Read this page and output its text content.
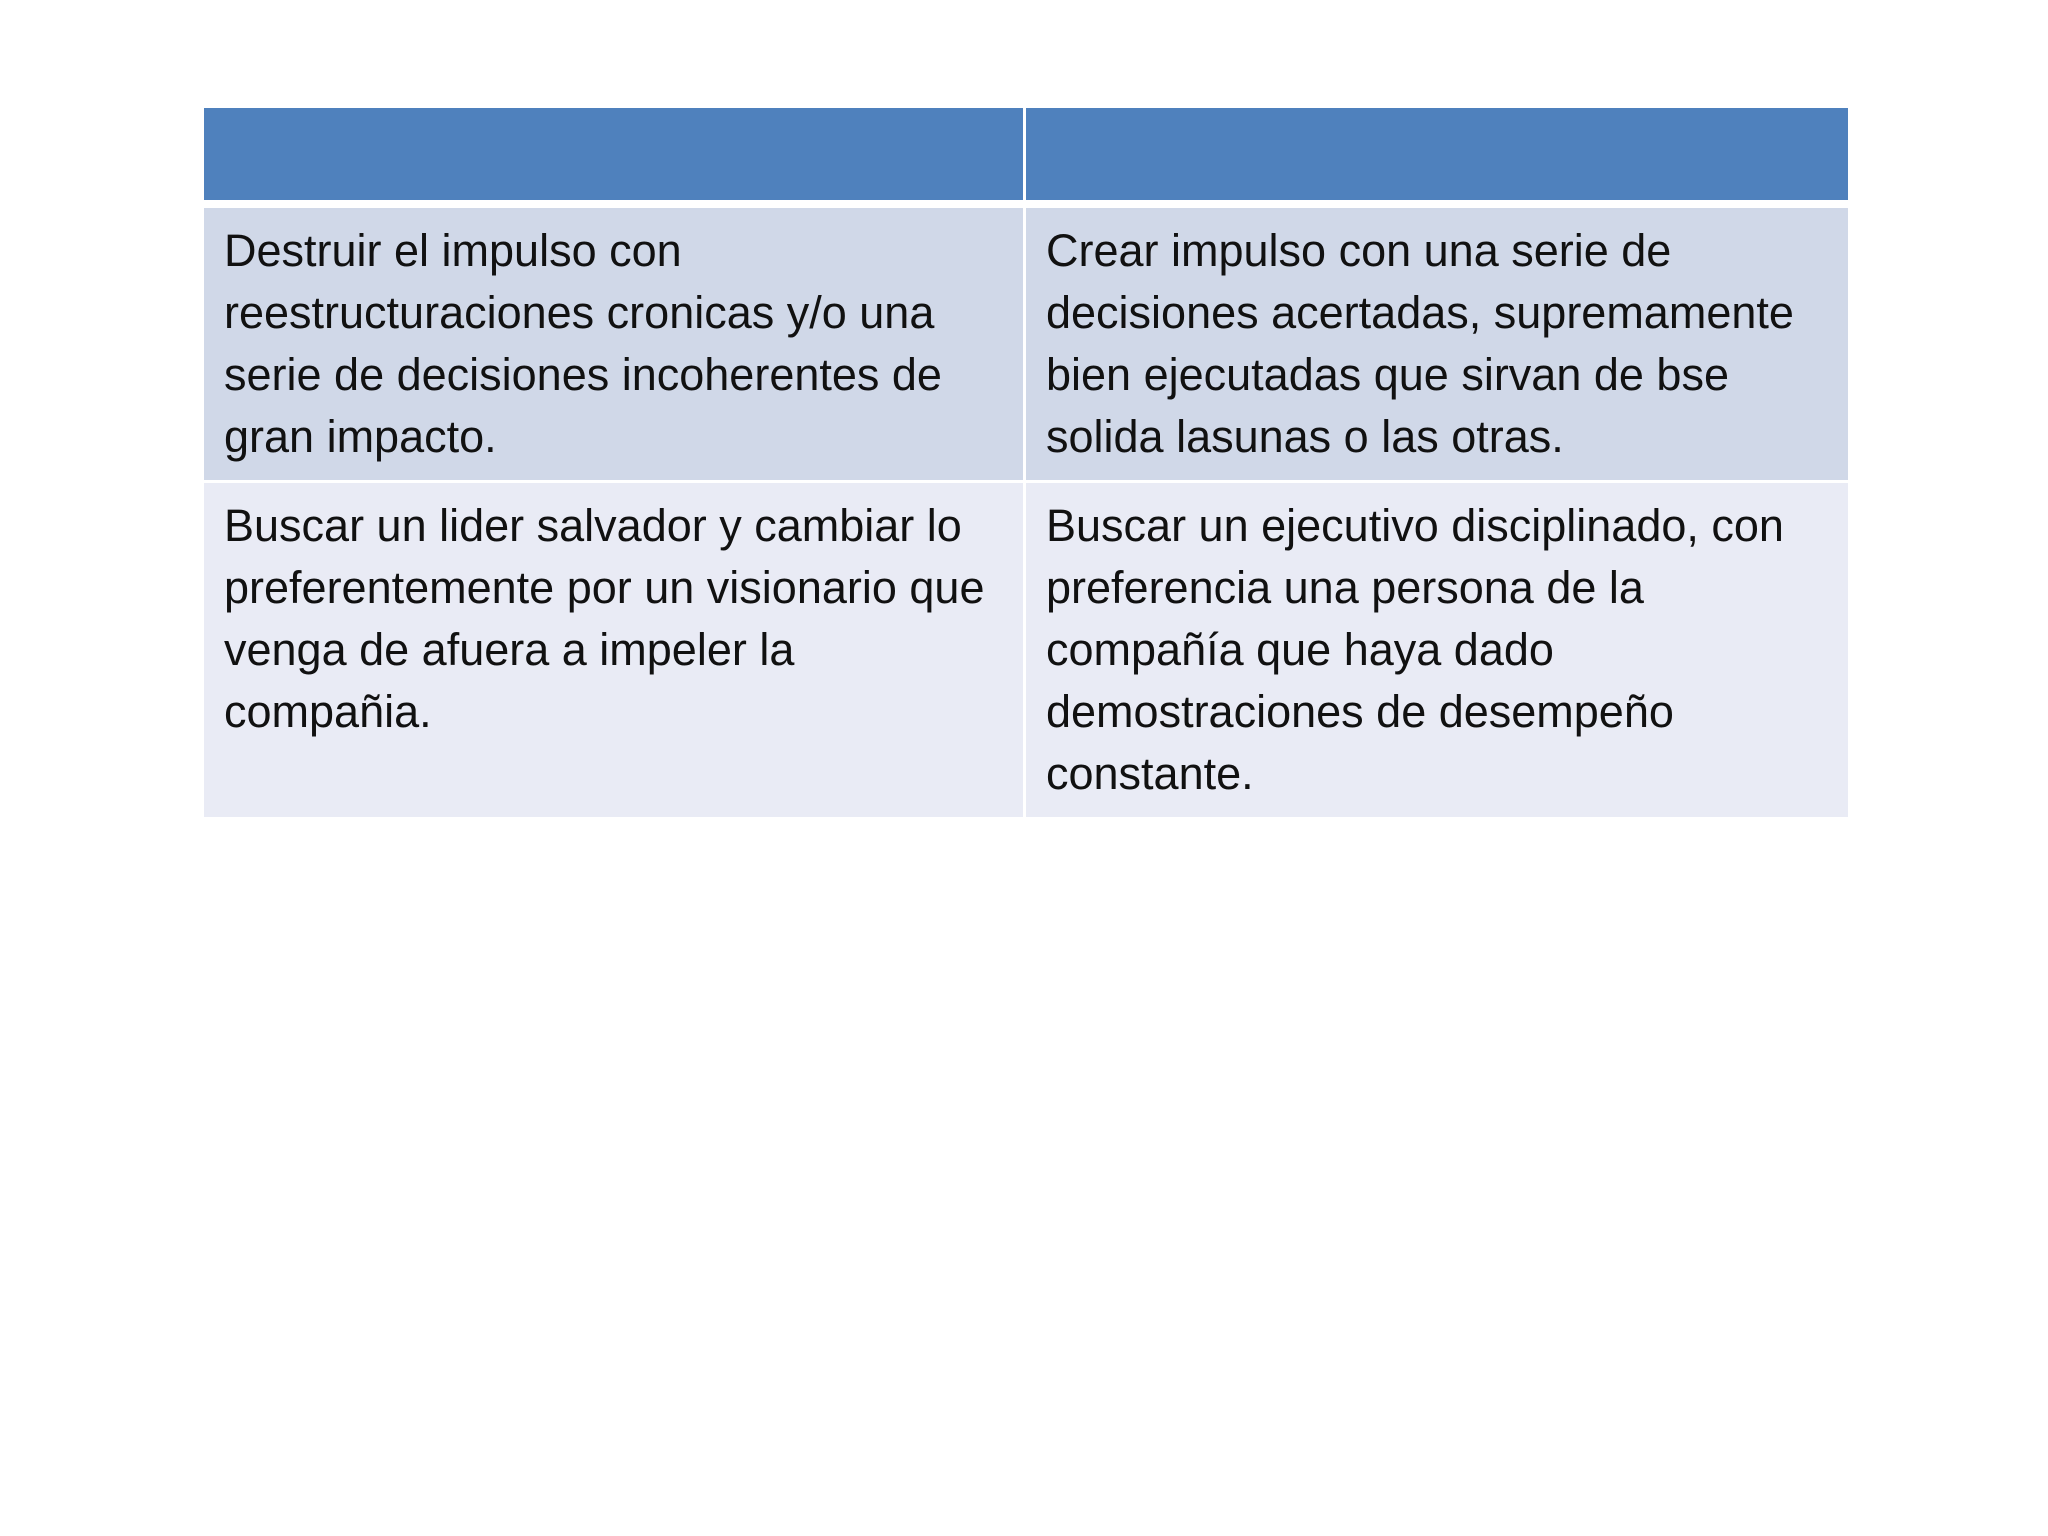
Destruir el impulso con reestructuraciones cronicas y/o una serie de decisiones incoherentes de gran impacto.	Crear impulso con una serie de decisiones acertadas, supremamente bien ejecutadas que sirvan de bse solida lasunas o las otras.
Buscar un lider salvador y cambiar lo preferentemente por un visionario que venga de afuera a impeler la compañia.	Buscar un ejecutivo disciplinado, con preferencia una persona de la compañía que haya dado demostraciones de desempeño constante.
